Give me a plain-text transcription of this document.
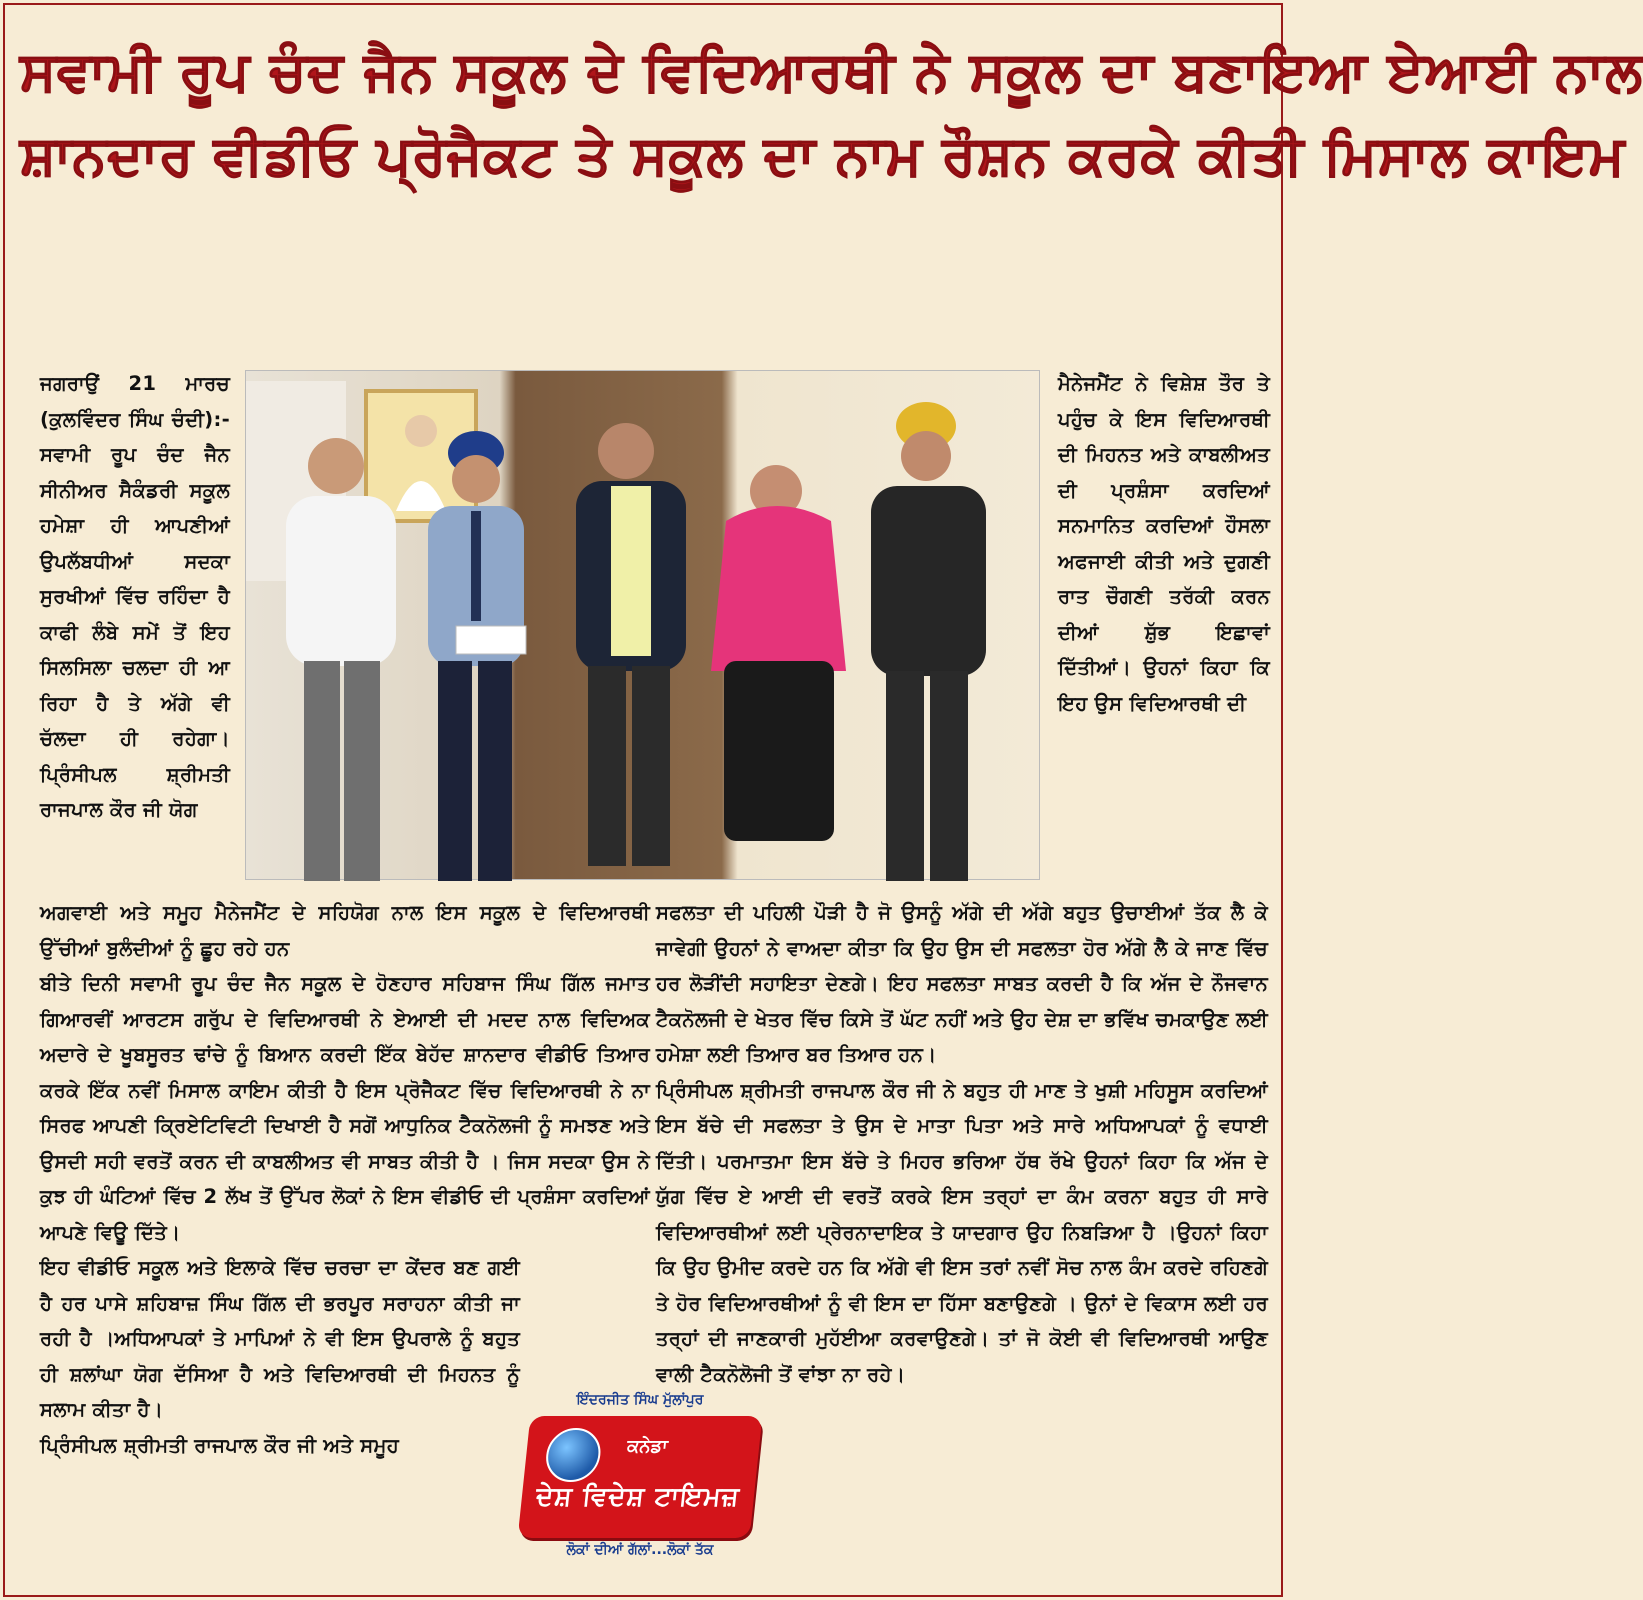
ਸਵਾਮੀ ਰੂਪ ਚੰਦ ਜੈਨ ਸਕੂਲ ਦੇ ਵਿਦਿਆਰਥੀ ਨੇ ਸਕੂਲ ਦਾ ਬਣਾਇਆ ਏਆਈ ਨਾਲ
ਸ਼ਾਨਦਾਰ ਵੀਡੀਓ ਪ੍ਰੋਜੈਕਟ ਤੇ ਸਕੂਲ ਦਾ ਨਾਮ ਰੌਸ਼ਨ ਕਰਕੇ ਕੀਤੀ ਮਿਸਾਲ ਕਾਇਮ

ਜਗਰਾਉਂ 21 ਮਾਰਚ (ਕੁਲਵਿੰਦਰ ਸਿੰਘ ਚੰਦੀ):- ਸਵਾਮੀ ਰੂਪ ਚੰਦ ਜੈਨ ਸੀਨੀਅਰ ਸੈਕੰਡਰੀ ਸਕੂਲ ਹਮੇਸ਼ਾ ਹੀ ਆਪਣੀਆਂ ਉਪਲੱਬਧੀਆਂ ਸਦਕਾ ਸੁਰਖੀਆਂ ਵਿੱਚ ਰਹਿੰਦਾ ਹੈ ਕਾਫੀ ਲੰਬੇ ਸਮੇਂ ਤੋਂ ਇਹ ਸਿਲਸਿਲਾ ਚਲਦਾ ਹੀ ਆ ਰਿਹਾ ਹੈ ਤੇ ਅੱਗੇ ਵੀ ਚੱਲਦਾ ਹੀ ਰਹੇਗਾ। ਪ੍ਰਿੰਸੀਪਲ ਸ਼੍ਰੀਮਤੀ ਰਾਜਪਾਲ ਕੌਰ ਜੀ ਯੋਗ

ਮੈਨੇਜਮੈਂਟ ਨੇ ਵਿਸ਼ੇਸ਼ ਤੌਰ ਤੇ ਪਹੁੰਚ ਕੇ ਇਸ ਵਿਦਿਆਰਥੀ ਦੀ ਮਿਹਨਤ ਅਤੇ ਕਾਬਲੀਅਤ ਦੀ ਪ੍ਰਸ਼ੰਸਾ ਕਰਦਿਆਂ ਸਨਮਾਨਿਤ ਕਰਦਿਆਂ ਹੌਸਲਾ ਅਫਜਾਈ ਕੀਤੀ ਅਤੇ ਦੁਗਣੀ ਰਾਤ ਚੌਗਣੀ ਤਰੱਕੀ ਕਰਨ ਦੀਆਂ ਸ਼ੁੱਭ ਇਛਾਵਾਂ ਦਿੱਤੀਆਂ। ਉਹਨਾਂ ਕਿਹਾ ਕਿ ਇਹ ਉਸ ਵਿਦਿਆਰਥੀ ਦੀ

ਅਗਵਾਈ ਅਤੇ ਸਮੂਹ ਮੈਨੇਜਮੈਂਟ ਦੇ ਸਹਿਯੋਗ ਨਾਲ ਇਸ ਸਕੂਲ ਦੇ ਵਿਦਿਆਰਥੀ ਉੱਚੀਆਂ ਬੁਲੰਦੀਆਂ ਨੂੰ ਛੂਹ ਰਹੇ ਹਨ

ਬੀਤੇ ਦਿਨੀ ਸਵਾਮੀ ਰੂਪ ਚੰਦ ਜੈਨ ਸਕੂਲ ਦੇ ਹੋਣਹਾਰ ਸਹਿਬਾਜ ਸਿੰਘ ਗਿੱਲ ਜਮਾਤ ਗਿਆਰਵੀਂ ਆਰਟਸ ਗਰੁੱਪ ਦੇ ਵਿਦਿਆਰਥੀ ਨੇ ਏਆਈ ਦੀ ਮਦਦ ਨਾਲ ਵਿਦਿਅਕ ਅਦਾਰੇ ਦੇ ਖੂਬਸੂਰਤ ਢਾਂਚੇ ਨੂੰ ਬਿਆਨ ਕਰਦੀ ਇੱਕ ਬੇਹੱਦ ਸ਼ਾਨਦਾਰ ਵੀਡੀਓ ਤਿਆਰ ਕਰਕੇ ਇੱਕ ਨਵੀਂ ਮਿਸਾਲ ਕਾਇਮ ਕੀਤੀ ਹੈ ਇਸ ਪ੍ਰੋਜੈਕਟ ਵਿੱਚ ਵਿਦਿਆਰਥੀ ਨੇ ਨਾ ਸਿਰਫ ਆਪਣੀ ਕ੍ਰਿਏਟਿਵਿਟੀ ਦਿਖਾਈ ਹੈ ਸਗੋਂ ਆਧੁਨਿਕ ਟੈਕਨੋਲਜੀ ਨੂੰ ਸਮਝਣ ਅਤੇ ਉਸਦੀ ਸਹੀ ਵਰਤੋਂ ਕਰਨ ਦੀ ਕਾਬਲੀਅਤ ਵੀ ਸਾਬਤ ਕੀਤੀ ਹੈ । ਜਿਸ ਸਦਕਾ ਉਸ ਨੇ ਕੁਝ ਹੀ ਘੰਟਿਆਂ ਵਿੱਚ 2 ਲੱਖ ਤੋਂ ਉੱਪਰ ਲੋਕਾਂ ਨੇ ਇਸ ਵੀਡੀਓ ਦੀ ਪ੍ਰਸ਼ੰਸਾ ਕਰਦਿਆਂ ਆਪਣੇ ਵਿਊ ਦਿੱਤੇ।

ਇਹ ਵੀਡੀਓ ਸਕੂਲ ਅਤੇ ਇਲਾਕੇ ਵਿੱਚ ਚਰਚਾ ਦਾ ਕੇਂਦਰ ਬਣ ਗਈ ਹੈ ਹਰ ਪਾਸੇ ਸ਼ਹਿਬਾਜ਼ ਸਿੰਘ ਗਿੱਲ ਦੀ ਭਰਪੂਰ ਸਰਾਹਨਾ ਕੀਤੀ ਜਾ ਰਹੀ ਹੈ ।ਅਧਿਆਪਕਾਂ ਤੇ ਮਾਪਿਆਂ ਨੇ ਵੀ ਇਸ ਉਪਰਾਲੇ ਨੂੰ ਬਹੁਤ ਹੀ ਸ਼ਲਾਂਘਾ ਯੋਗ ਦੱਸਿਆ ਹੈ ਅਤੇ ਵਿਦਿਆਰਥੀ ਦੀ ਮਿਹਨਤ ਨੂੰ ਸਲਾਮ ਕੀਤਾ ਹੈ।

ਪ੍ਰਿੰਸੀਪਲ ਸ਼੍ਰੀਮਤੀ ਰਾਜਪਾਲ ਕੌਰ ਜੀ ਅਤੇ ਸਮੂਹ

ਸਫਲਤਾ ਦੀ ਪਹਿਲੀ ਪੌੜੀ ਹੈ ਜੋ ਉਸਨੂੰ ਅੱਗੇ ਦੀ ਅੱਗੇ ਬਹੁਤ ਉਚਾਈਆਂ ਤੱਕ ਲੈ ਕੇ ਜਾਵੇਗੀ ਉਹਨਾਂ ਨੇ ਵਾਅਦਾ ਕੀਤਾ ਕਿ ਉਹ ਉਸ ਦੀ ਸਫਲਤਾ ਹੋਰ ਅੱਗੇ ਲੈ ਕੇ ਜਾਣ ਵਿੱਚ ਹਰ ਲੋੜੀਂਦੀ ਸਹਾਇਤਾ ਦੇਣਗੇ। ਇਹ ਸਫਲਤਾ ਸਾਬਤ ਕਰਦੀ ਹੈ ਕਿ ਅੱਜ ਦੇ ਨੌਜਵਾਨ ਟੈਕਨੋਲਜੀ ਦੇ ਖੇਤਰ ਵਿੱਚ ਕਿਸੇ ਤੋਂ ਘੱਟ ਨਹੀਂ ਅਤੇ ਉਹ ਦੇਸ਼ ਦਾ ਭਵਿੱਖ ਚਮਕਾਉਣ ਲਈ ਹਮੇਸ਼ਾ ਲਈ ਤਿਆਰ ਬਰ ਤਿਆਰ ਹਨ।

ਪ੍ਰਿੰਸੀਪਲ ਸ਼੍ਰੀਮਤੀ ਰਾਜਪਾਲ ਕੌਰ ਜੀ ਨੇ ਬਹੁਤ ਹੀ ਮਾਣ ਤੇ ਖੁਸ਼ੀ ਮਹਿਸੂਸ ਕਰਦਿਆਂ ਇਸ ਬੱਚੇ ਦੀ ਸਫਲਤਾ ਤੇ ਉਸ ਦੇ ਮਾਤਾ ਪਿਤਾ ਅਤੇ ਸਾਰੇ ਅਧਿਆਪਕਾਂ ਨੂੰ ਵਧਾਈ ਦਿੱਤੀ। ਪਰਮਾਤਮਾ ਇਸ ਬੱਚੇ ਤੇ ਮਿਹਰ ਭਰਿਆ ਹੱਥ ਰੱਖੇ ਉਹਨਾਂ ਕਿਹਾ ਕਿ ਅੱਜ ਦੇ ਯੁੱਗ ਵਿੱਚ ਏ ਆਈ ਦੀ ਵਰਤੋਂ ਕਰਕੇ ਇਸ ਤਰ੍ਹਾਂ ਦਾ ਕੰਮ ਕਰਨਾ ਬਹੁਤ ਹੀ ਸਾਰੇ ਵਿਦਿਆਰਥੀਆਂ ਲਈ ਪ੍ਰੇਰਨਾਦਾਇਕ ਤੇ ਯਾਦਗਾਰ ਉਹ ਨਿਬੜਿਆ ਹੈ ।ਉਹਨਾਂ ਕਿਹਾ ਕਿ ਉਹ ਉਮੀਦ ਕਰਦੇ ਹਨ ਕਿ ਅੱਗੇ ਵੀ ਇਸ ਤਰਾਂ ਨਵੀਂ ਸੋਚ ਨਾਲ ਕੰਮ ਕਰਦੇ ਰਹਿਣਗੇ ਤੇ ਹੋਰ ਵਿਦਿਆਰਥੀਆਂ ਨੂੰ ਵੀ ਇਸ ਦਾ ਹਿੱਸਾ ਬਣਾਉਣਗੇ । ਉਨਾਂ ਦੇ ਵਿਕਾਸ ਲਈ ਹਰ ਤਰ੍ਹਾਂ ਦੀ ਜਾਣਕਾਰੀ ਮੁਹੱਈਆ ਕਰਵਾਉਣਗੇ। ਤਾਂ ਜੋ ਕੋਈ ਵੀ ਵਿਦਿਆਰਥੀ ਆਉਣ ਵਾਲੀ ਟੈਕਨੋਲੋਜੀ ਤੋਂ ਵਾਂਝਾ ਨਾ ਰਹੇ।

ਇੰਦਰਜੀਤ ਸਿੰਘ ਮੁੱਲਾਂਪੁਰ
ਕਨੇਡਾ
ਦੇਸ਼ ਵਿਦੇਸ਼ ਟਾਇਮਜ਼
ਲੋਕਾਂ ਦੀਆਂ ਗੱਲਾਂ...ਲੋਕਾਂ ਤੱਕ
